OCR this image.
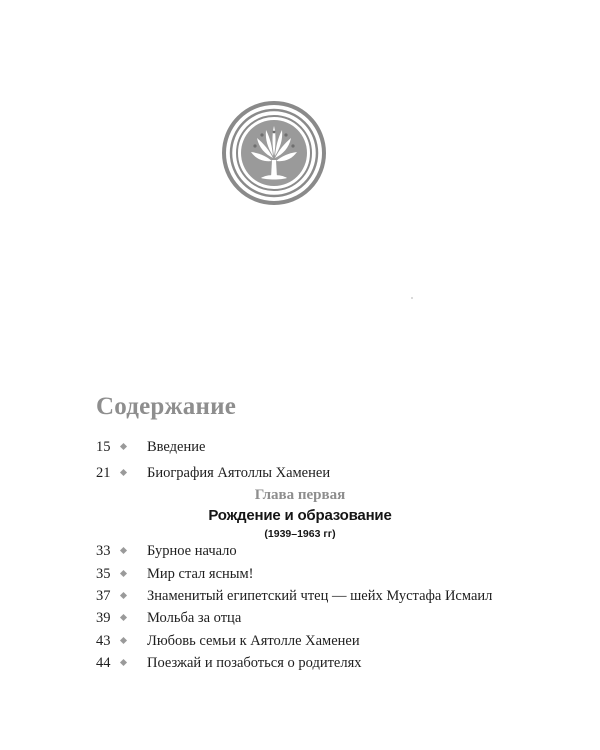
Содержание
15	Введение
21	Биография Аятоллы Хаменеи
Глава первая
Рождение и образование
(1939–1963 гг)
33	Бурное начало
35	Мир стал ясным!
37	Знаменитый египетский чтец — шейх Мустафа Исмаил
39	Мольба за отца
43	Любовь семьи к Аятолле Хаменеи
44	Поезжай и позаботься о родителях
